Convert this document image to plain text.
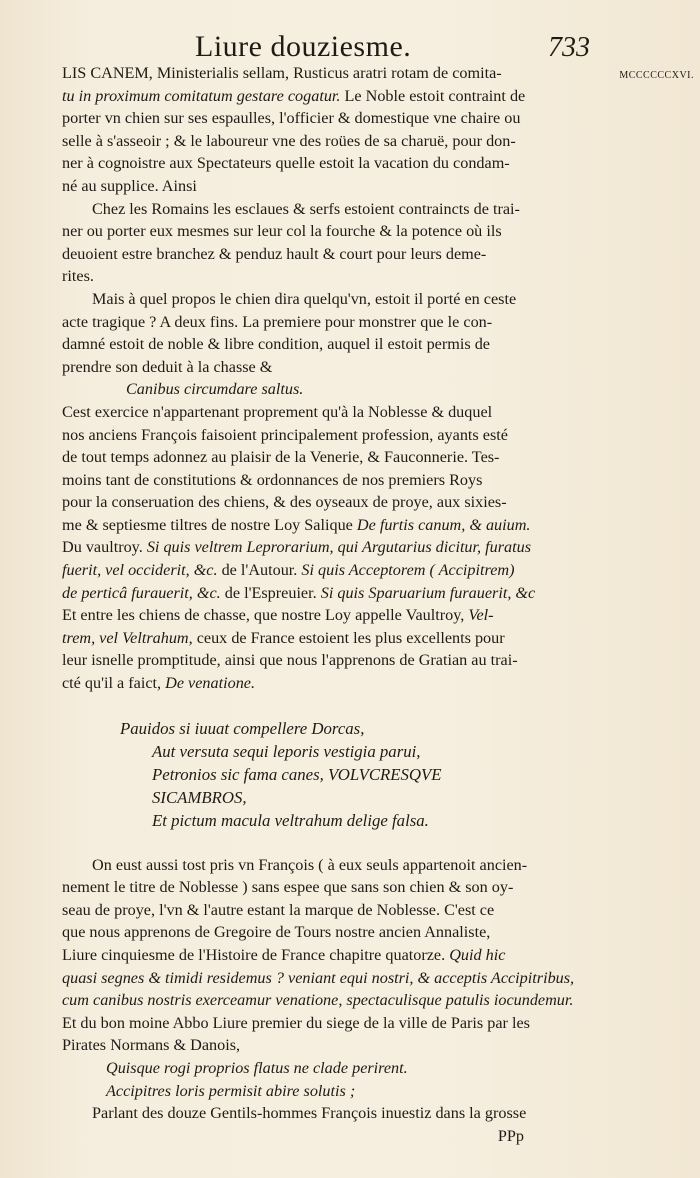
Liure douziesme.	733
MCCCCCCXVI.
LIS CANEM, Ministerialis sellam, Rusticus aratri rotam de comita-
tu in proximum comitatum gestare cogatur. Le Noble estoit contraint de
porter vn chien sur ses espaulles, l'officier & domestique vne chaire ou
selle à s'asseoir ; & le laboureur vne des roües de sa charuë, pour don-
ner à cognoistre aux Spectateurs quelle estoit la vacation du condam-
né au supplice. Ainsi
Chez les Romains les esclaues & serfs estoient contraincts de trai-
ner ou porter eux mesmes sur leur col la fourche & la potence où ils
deuoient estre branchez & penduz hault & court pour leurs deme-
rites.
Mais à quel propos le chien dira quelqu'vn, estoit il porté en ceste
acte tragique ? A deux fins. La premiere pour monstrer que le con-
damné estoit de noble & libre condition, auquel il estoit permis de
prendre son deduit à la chasse &
Canibus circumdare saltus.
Cest exercice n'appartenant proprement qu'à la Noblesse & duquel
nos anciens François faisoient principalement profession, ayants esté
de tout temps adonnez au plaisir de la Venerie, & Fauconnerie. Tes-
moins tant de constitutions & ordonnances de nos premiers Roys
pour la conseruation des chiens, & des oyseaux de proye, aux sixies-
me & septiesme tiltres de nostre Loy Salique De furtis canum, & auium.
Du vaultroy. Si quis veltrem Leprorarium, qui Argutarius dicitur, furatus
fuerit, vel occiderit, &c. de l'Autour. Si quis Acceptorem ( Accipitrem)
de perticâ furauerit, &c. de l'Espreuier. Si quis Sparuarium furauerit, &c
Et entre les chiens de chasse, que nostre Loy appelle Vaultroy, Vel-
trem, vel Veltrahum, ceux de France estoient les plus excellents pour
leur isnelle promptitude, ainsi que nous l'apprenons de Gratian au trai-
cté qu'il a faict, De venatione.
Pauidos si iuuat compellere Dorcas,
Aut versuta sequi leporis vestigia parui,
Petronios sic fama canes, VOLVCRESQVE
SICAMBROS,
Et pictum macula veltrahum delige falsa.
On eust aussi tost pris vn François ( à eux seuls appartenoit ancien-
nement le titre de Noblesse ) sans espee que sans son chien & son oy-
seau de proye, l'vn & l'autre estant la marque de Noblesse. C'est ce
que nous apprenons de Gregoire de Tours nostre ancien Annaliste,
Liure cinquiesme de l'Histoire de France chapitre quatorze. Quid hic
quasi segnes & timidi residemus ? veniant equi nostri, & acceptis Accipitribus,
cum canibus nostris exerceamur venatione, spectaculisque patulis iocundemur.
Et du bon moine Abbo Liure premier du siege de la ville de Paris par les
Pirates Normans & Danois,
Quisque rogi proprios flatus ne clade perirent.
Accipitres loris permisit abire solutis ;
Parlant des douze Gentils-hommes François inuestiz dans la grosse
PPp
